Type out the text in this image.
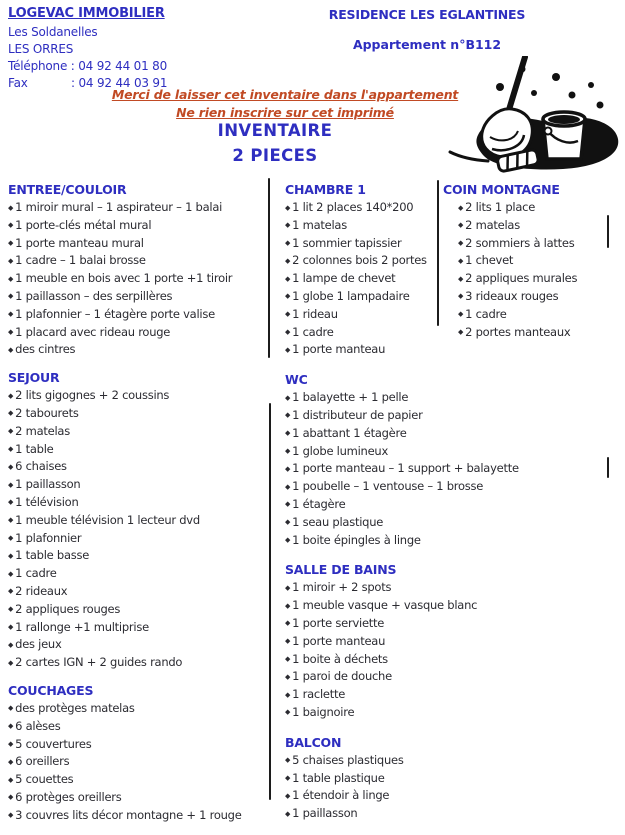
LOGEVAC IMMOBILIER
Les Soldanelles
LES ORRES
Téléphone : 04 92 44 01 80
Fax            : 04 92 44 03 91
RESIDENCE LES EGLANTINES
Appartement n°B112
Merci de laisser cet inventaire dans l'appartement
Ne rien inscrire sur cet imprimé
INVENTAIRE
2 PIECES
ENTREE/COULOIR
◆ 1 miroir mural – 1 aspirateur – 1 balai
◆ 1 porte-clés métal mural
◆ 1 porte manteau mural
◆ 1 cadre – 1 balai brosse
◆ 1 meuble en bois avec 1 porte +1 tiroir
◆ 1 paillasson – des serpillères
◆ 1 plafonnier – 1 étagère porte valise
◆ 1 placard avec rideau rouge
◆ des cintres
SEJOUR
◆ 2 lits gigognes + 2 coussins
◆ 2 tabourets
◆ 2 matelas
◆ 1 table
◆ 6 chaises
◆ 1 paillasson
◆ 1 télévision
◆ 1 meuble télévision 1 lecteur dvd
◆ 1 plafonnier
◆ 1 table basse
◆ 1 cadre
◆ 2 rideaux
◆ 2 appliques rouges
◆ 1 rallonge +1 multiprise
◆ des jeux
◆ 2 cartes IGN + 2 guides rando
COUCHAGES
◆ des protèges matelas
◆ 6 alèses
◆ 5 couvertures
◆ 6 oreillers
◆ 5 couettes
◆ 6 protèges oreillers
◆ 3 couvres lits décor montagne + 1 rouge
CHAMBRE 1
◆ 1 lit 2 places 140*200
◆ 1 matelas
◆ 1 sommier tapissier
◆ 2 colonnes bois 2 portes
◆ 1 lampe de chevet
◆ 1 globe 1 lampadaire
◆ 1 rideau
◆ 1 cadre
◆ 1 porte manteau
WC
◆ 1 balayette + 1 pelle
◆ 1 distributeur de papier
◆ 1 abattant 1 étagère
◆ 1 globe lumineux
◆ 1 porte manteau – 1 support + balayette
◆ 1 poubelle – 1 ventouse – 1 brosse
◆ 1 étagère
◆ 1 seau plastique
◆ 1 boite épingles à linge
SALLE DE BAINS
◆ 1 miroir + 2 spots
◆ 1 meuble vasque + vasque blanc
◆ 1 porte serviette
◆ 1 porte manteau
◆ 1 boite à déchets
◆ 1 paroi de douche
◆ 1 raclette
◆ 1 baignoire
BALCON
◆ 5 chaises plastiques
◆ 1 table plastique
◆ 1 étendoir à linge
◆ 1 paillasson
COIN MONTAGNE
◆ 2 lits 1 place
◆ 2 matelas
◆ 2 sommiers à lattes
◆ 1 chevet
◆ 2 appliques murales
◆ 3 rideaux rouges
◆ 1 cadre
◆ 2 portes manteaux
